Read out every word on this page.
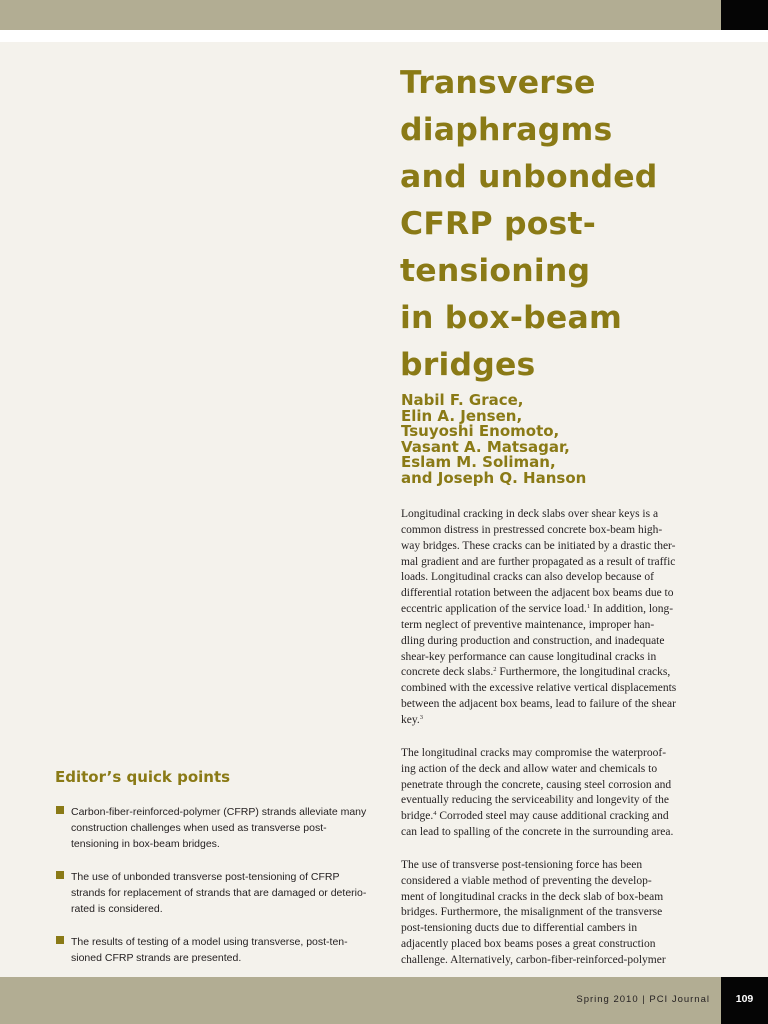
Transverse
diaphragms
and unbonded
CFRP post-
tensioning
in box-beam
bridges
Nabil F. Grace,
Elin A. Jensen,
Tsuyoshi Enomoto,
Vasant A. Matsagar,
Eslam M. Soliman,
and Joseph Q. Hanson

Longitudinal cracking in deck slabs over shear keys is a
common distress in prestressed concrete box-beam high-
way bridges. These cracks can be initiated by a drastic ther-
mal gradient and are further propagated as a result of traffic
loads. Longitudinal cracks can also develop because of
differential rotation between the adjacent box beams due to
eccentric application of the service load.$^1$ In addition, long-
term neglect of preventive maintenance, improper han-
dling during production and construction, and inadequate
shear-key performance can cause longitudinal cracks in
concrete deck slabs.$^2$ Furthermore, the longitudinal cracks,
combined with the excessive relative vertical displacements
between the adjacent box beams, lead to failure of the shear
key.$^3$

The longitudinal cracks may compromise the waterproof-
ing action of the deck and allow water and chemicals to
penetrate through the concrete, causing steel corrosion and
eventually reducing the serviceability and longevity of the
bridge.$^4$ Corroded steel may cause additional cracking and
can lead to spalling of the concrete in the surrounding area.

The use of transverse post-tensioning force has been
considered a viable method of preventing the develop-
ment of longitudinal cracks in the deck slab of box-beam
bridges. Furthermore, the misalignment of the transverse
post-tensioning ducts due to differential cambers in
adjacently placed box beams poses a great construction
challenge. Alternatively, carbon-fiber-reinforced-polymer

Editor’s quick points
Carbon-fiber-reinforced-polymer (CFRP) strands alleviate many
construction challenges when used as transverse post-
tensioning in box-beam bridges.
The use of unbonded transverse post-tensioning of CFRP
strands for replacement of strands that are damaged or deterio-
rated is considered.
The results of testing of a model using transverse, post-ten-
sioned CFRP strands are presented.
Spring 2010 | PCI Journal	109
